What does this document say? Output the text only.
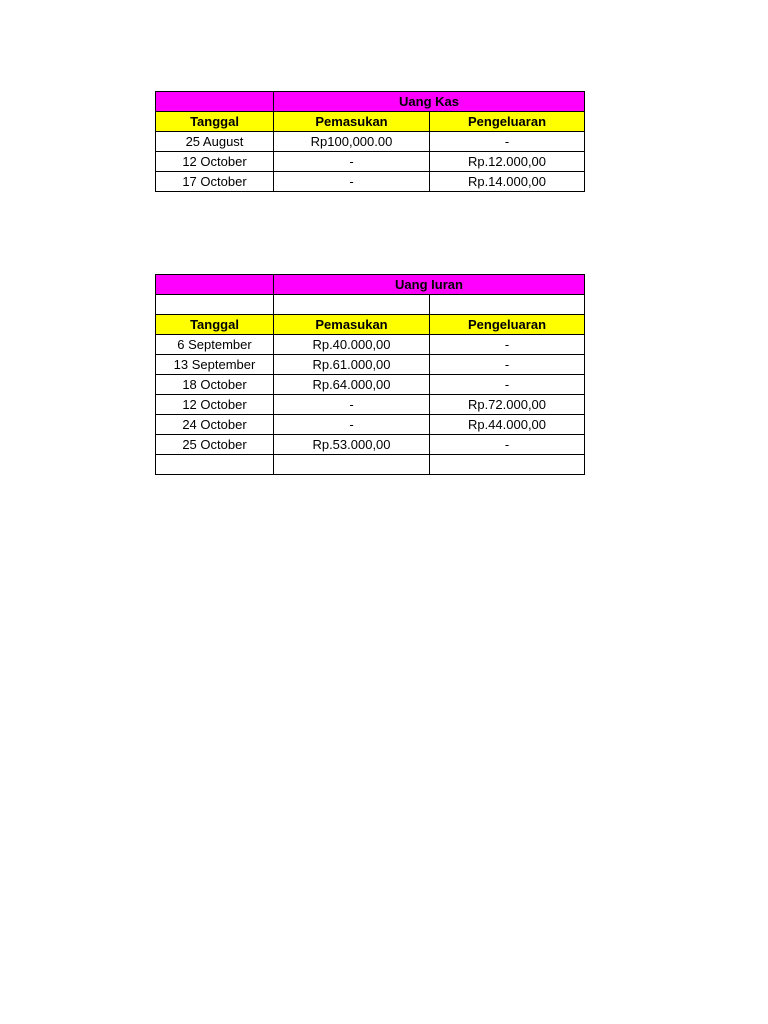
	Uang Kas	
Tanggal	Pemasukan	Pengeluaran
25 August	Rp100,000.00	-
12 October	-	Rp.12.000,00
17 October	-	Rp.14.000,00
	Uang Iuran	

Tanggal	Pemasukan	Pengeluaran
6 September	Rp.40.000,00	-
13 September	Rp.61.000,00	-
18 October	Rp.64.000,00	-
12 October	-	Rp.72.000,00
24 October	-	Rp.44.000,00
25 October	Rp.53.000,00	-
